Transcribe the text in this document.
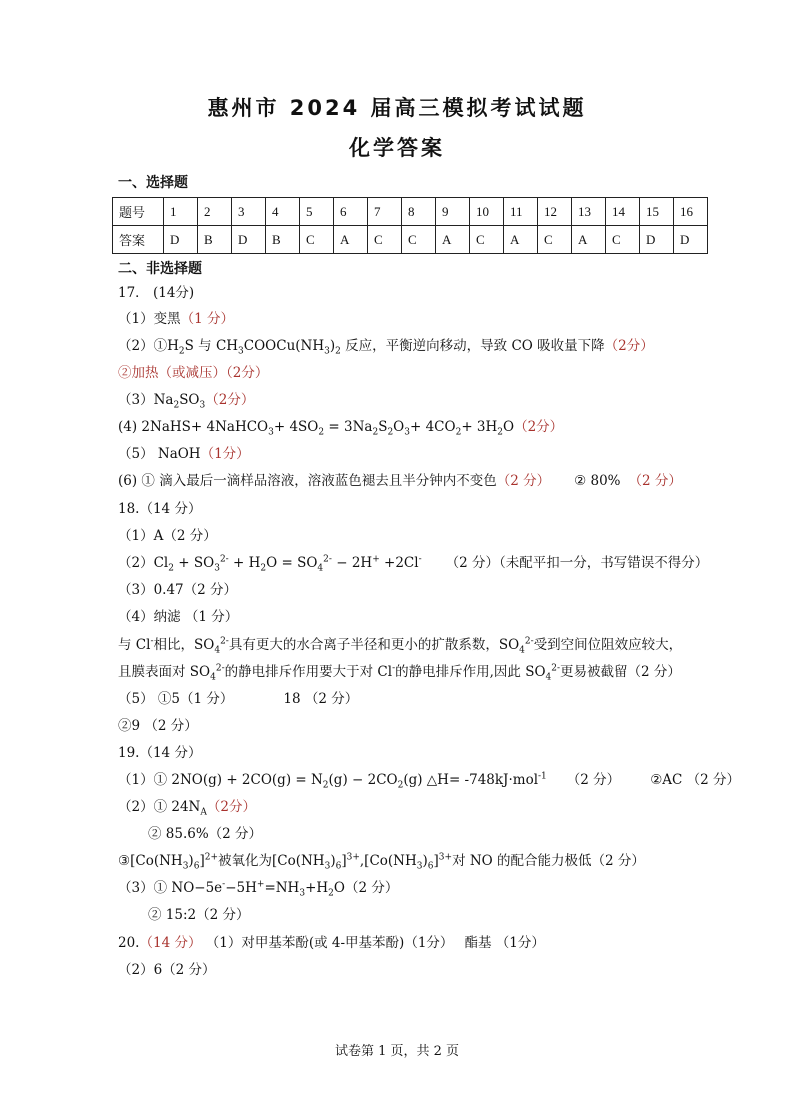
惠州市 2024 届高三模拟考试试题
化学答案
一、选择题
题号	1	2	3	4	5	6	7	8	9	10	11	12	13	14	15	16
答案	D	B	D	B	C	A	C	C	A	C	A	C	A	C	D	D
二、非选择题
17． (14分)
（1）变黑（1 分）
$(2)①H_2S$ 与 $CH_3COOCu(NH_3)_2$ 反应，平衡逆向移动，导致 CO 吸收量下降（2分）
②加热（或减压）（2分）
$(3)Na_2SO_3(2$分）
(4) 2NaHS+ 4NaHCO$_3$+ $4SO_2 = 3Na_2S_2O_3+ 4CO_2+ 3H_2O(2$分）
（5） NaOH（1分）
(6) ① 滴入最后一滴样品溶液，溶液蓝色褪去且半分钟内不变色（2 分） ② 80% （2 分）
18.（14 分）
（1）A（2 分）
$(2)Cl_2 + SO_3^{2-} + H_2O = SO_4^{2-} - 2H^+ +2Cl^-$ （2 分）（未配平扣一分，书写错误不得分）
（3）0.47（2 分）
（4）纳滤 （1 分）
与 Cl-相比，$SO_4^{2-}$具有更大的水合离子半径和更小的扩散系数，$SO_4^{2-}$受到空间位阻效应较大，
且膜表面对 $SO_4^{2-}$的静电排斥作用要大于对 Cl-的静电排斥作用,因此 $SO_4^{2-}$更易被截留（2 分）
（5） ①5（1 分）	18 （2 分）
②9 （2 分）
19.（14 分）
（1）① $2NO(g) + 2CO(g) = N_2(g) - 2CO_2(g)$ △H= -748kJ·mol$^{-1}$ （2 分） ②AC （2 分）
（2）① $24N_A(2$分）
② 85.6%（2 分）
$③[Co(NH_3)_6]^{2+}$被氧化为$[Co(NH_3)_6]^{3+},[Co(NH_3)_6]^{3+}$对 NO 的配合能力极低（2 分）
（3）① $NO-5e^--5H^+=NH_3+H_2O(2$ 分）
② 15:2（2 分）
20.（14 分） （1）对甲基苯酚(或 4-甲基苯酚)（1分）　 酯基 （1分）
（2）6（2 分）
试卷第 1 页，共 2 页
